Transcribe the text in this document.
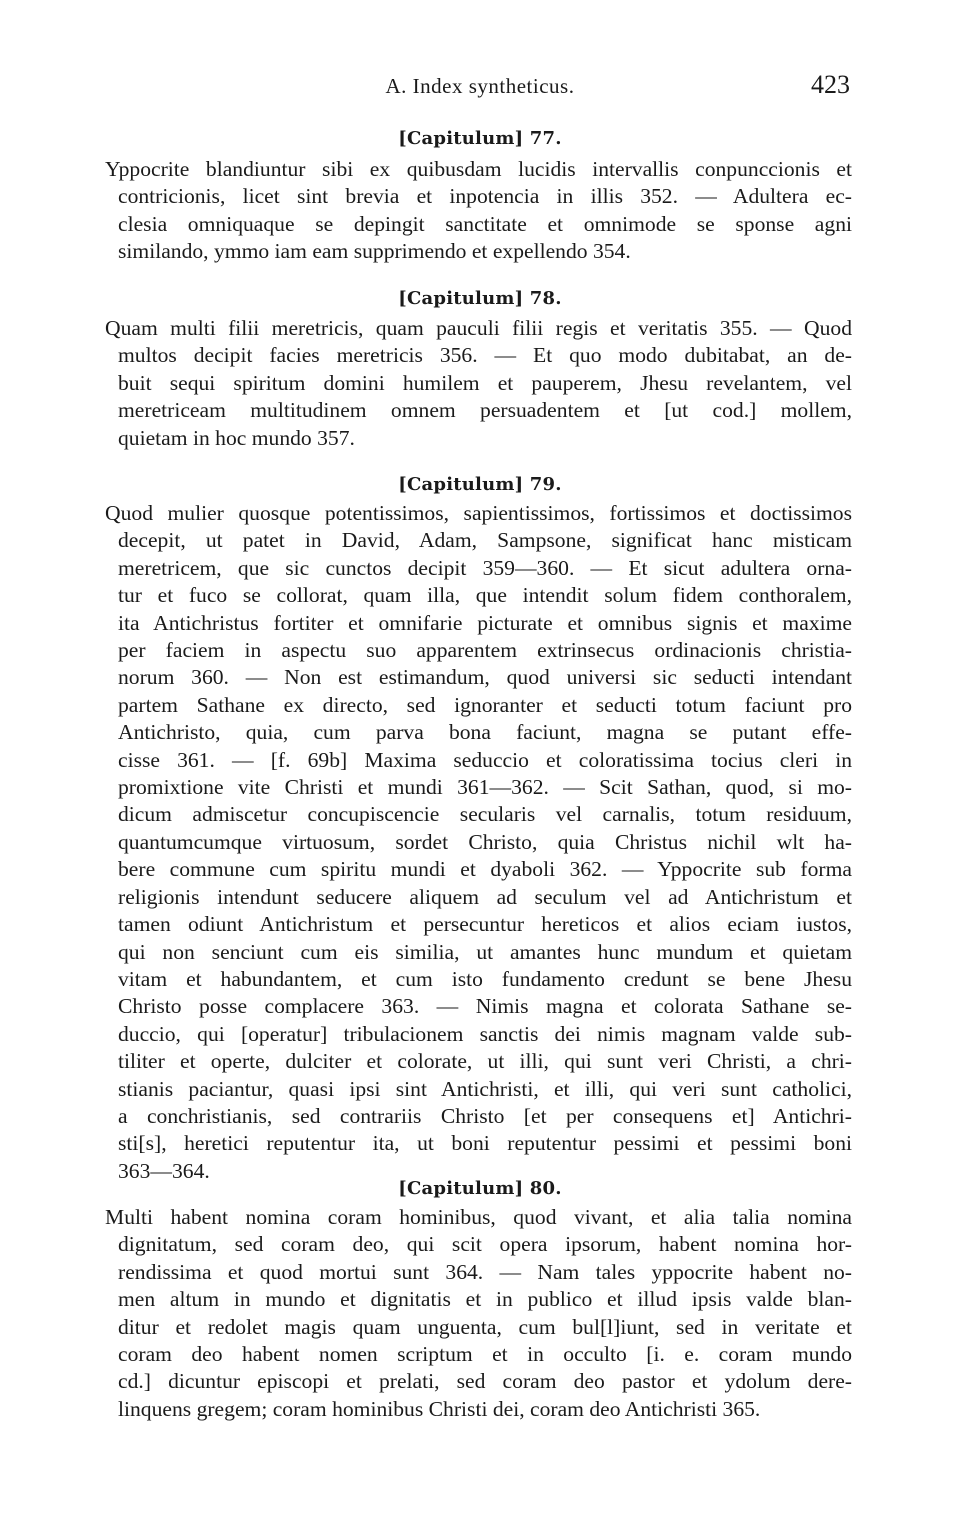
A. Index syntheticus.	423
[Capitulum] 77.
Yppocrite blandiuntur sibi ex quibusdam lucidis intervallis conpunccionis et
contricionis, licet sint brevia et inpotencia in illis 352. — Adultera ec-
clesia omniquaque se depingit sanctitate et omnimode se sponse agni
similando, ymmo iam eam supprimendo et expellendo 354.
[Capitulum] 78.
Quam multi filii meretricis, quam pauculi filii regis et veritatis 355. — Quod
multos decipit facies meretricis 356. — Et quo modo dubitabat, an de-
buit sequi spiritum domini humilem et pauperem, Jhesu revelantem, vel
meretriceam multitudinem omnem persuadentem et [ut cod.] mollem,
quietam in hoc mundo 357.
[Capitulum] 79.
Quod mulier quosque potentissimos, sapientissimos, fortissimos et doctissimos
decepit, ut patet in David, Adam, Sampsone, significat hanc misticam
meretricem, que sic cunctos decipit 359—360. — Et sicut adultera orna-
tur et fuco se collorat, quam illa, que intendit solum fidem conthoralem,
ita Antichristus fortiter et omnifarie picturate et omnibus signis et maxime
per faciem in aspectu suo apparentem extrinsecus ordinacionis christia-
norum 360. — Non est estimandum, quod universi sic seducti intendant
partem Sathane ex directo, sed ignoranter et seducti totum faciunt pro
Antichristo, quia, cum parva bona faciunt, magna se putant effe-
cisse 361. — [f. 69b] Maxima seduccio et coloratissima tocius cleri in
promixtione vite Christi et mundi 361—362. — Scit Sathan, quod, si mo-
dicum admiscetur concupiscencie secularis vel carnalis, totum residuum,
quantumcumque virtuosum, sordet Christo, quia Christus nichil wlt ha-
bere commune cum spiritu mundi et dyaboli 362. — Yppocrite sub forma
religionis intendunt seducere aliquem ad seculum vel ad Antichristum et
tamen odiunt Antichristum et persecuntur hereticos et alios eciam iustos,
qui non senciunt cum eis similia, ut amantes hunc mundum et quietam
vitam et habundantem, et cum isto fundamento credunt se bene Jhesu
Christo posse complacere 363. — Nimis magna et colorata Sathane se-
duccio, qui [operatur] tribulacionem sanctis dei nimis magnam valde sub-
tiliter et operte, dulciter et colorate, ut illi, qui sunt veri Christi, a chri-
stianis paciantur, quasi ipsi sint Antichristi, et illi, qui veri sunt catholici,
a conchristianis, sed contrariis Christo [et per consequens et] Antichri-
sti[s], heretici reputentur ita, ut boni reputentur pessimi et pessimi boni
363—364.
[Capitulum] 80.
Multi habent nomina coram hominibus, quod vivant, et alia talia nomina
dignitatum, sed coram deo, qui scit opera ipsorum, habent nomina hor-
rendissima et quod mortui sunt 364. — Nam tales yppocrite habent no-
men altum in mundo et dignitatis et in publico et illud ipsis valde blan-
ditur et redolet magis quam unguenta, cum bul[l]iunt, sed in veritate et
coram deo habent nomen scriptum et in occulto [i. e. coram mundo
cd.] dicuntur episcopi et prelati, sed coram deo pastor et ydolum dere-
linquens gregem; coram hominibus Christi dei, coram deo Antichristi 365.
